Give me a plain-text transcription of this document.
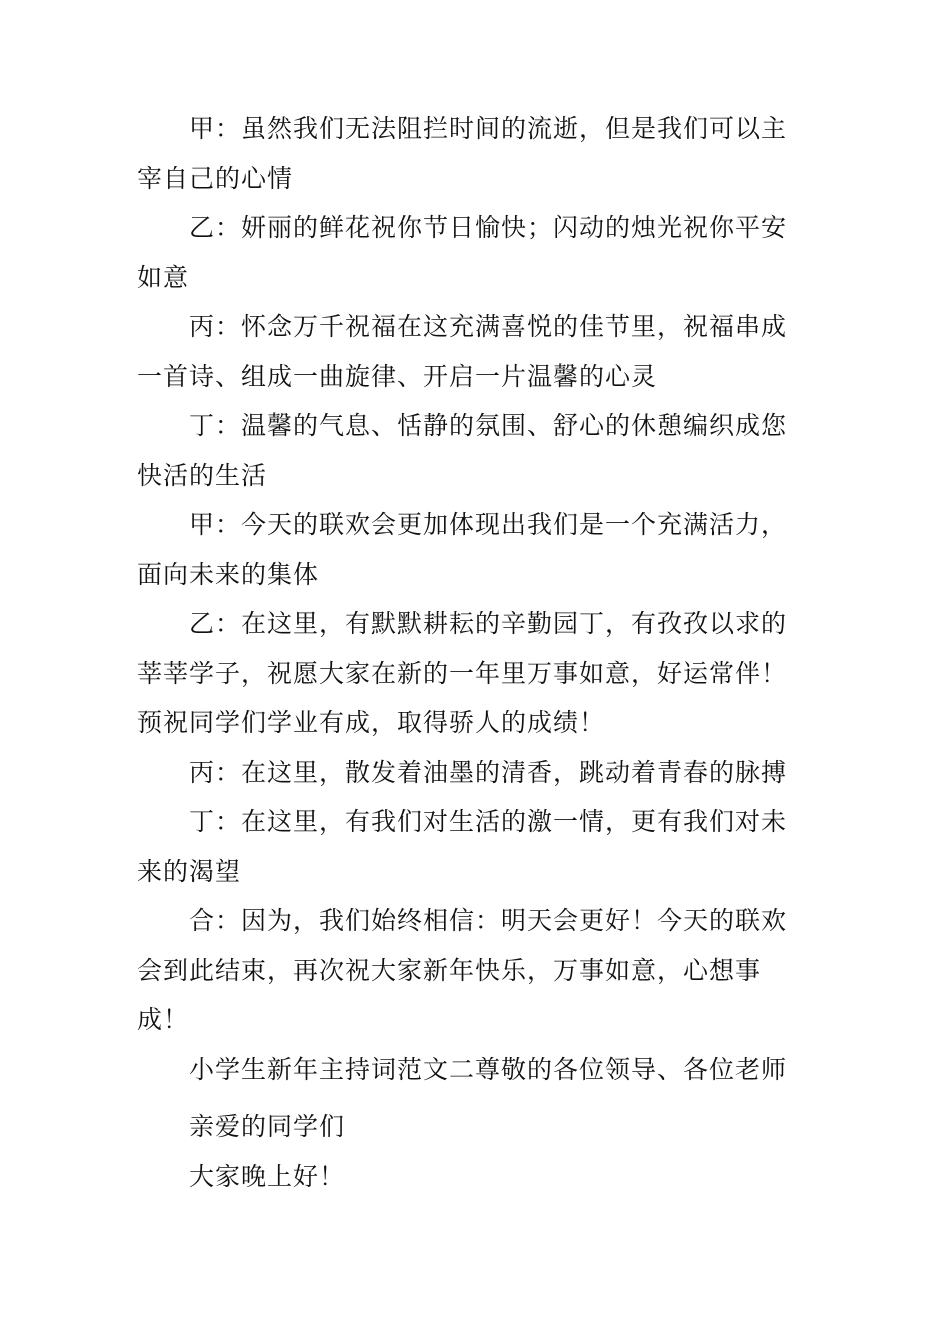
甲：虽然我们无法阻拦时间的流逝，但是我们可以主宰自己的心情

乙：妍丽的鲜花祝你节日愉快；闪动的烛光祝你平安如意

丙：怀念万千祝福在这充满喜悦的佳节里，祝福串成一首诗、组成一曲旋律、开启一片温馨的心灵

丁：温馨的气息、恬静的氛围、舒心的休憩编织成您快活的生活

甲：今天的联欢会更加体现出我们是一个充满活力，面向未来的集体

乙：在这里，有默默耕耘的辛勤园丁，有孜孜以求的莘莘学子，祝愿大家在新的一年里万事如意，好运常伴！预祝同学们学业有成，取得骄人的成绩！

丙：在这里，散发着油墨的清香，跳动着青春的脉搏

丁：在这里，有我们对生活的激一情，更有我们对未来的渴望

合：因为，我们始终相信：明天会更好！今天的联欢会到此结束，再次祝大家新年快乐，万事如意，心想事成！

小学生新年主持词范文二尊敬的各位领导、各位老师

亲爱的同学们

大家晚上好！
